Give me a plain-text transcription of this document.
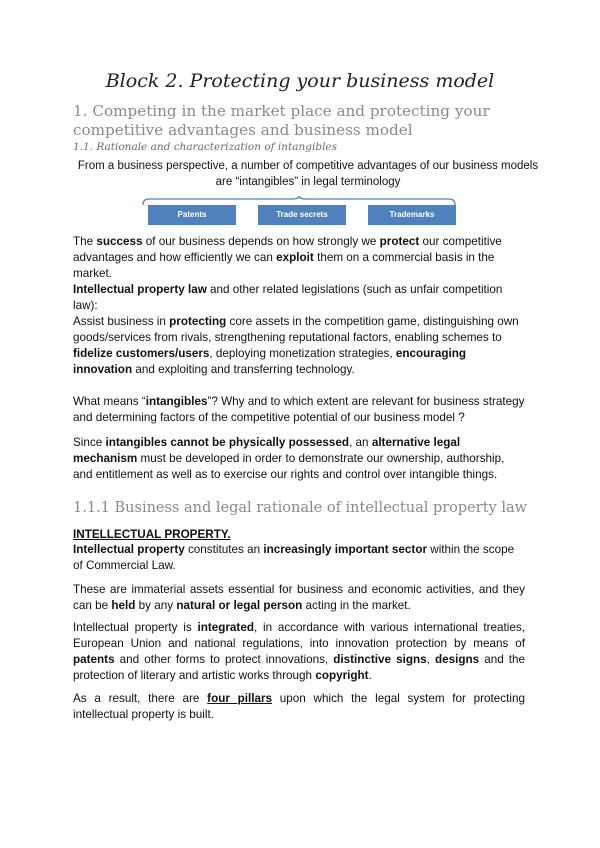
Block 2. Protecting your business model
1. Competing in the market place and protecting your competitive advantages and business model
1.1. Rationale and characterization of intangibles
From a business perspective, a number of competitive advantages of our business models are “intangibles” in legal terminology
Patents	Trade secrets	Trademarks

The success of our business depends on how strongly we protect our competitive advantages and how efficiently we can exploit them on a commercial basis in the market.

Intellectual property law and other related legislations (such as unfair competition law):

Assist business in protecting core assets in the competition game, distinguishing own goods/services from rivals, strengthening reputational factors, enabling schemes to fidelize customers/users, deploying monetization strategies, encouraging innovation and exploiting and transferring technology.

What means “intangibles”? Why and to which extent are relevant for business strategy and determining factors of the competitive potential of our business model ?

Since intangibles cannot be physically possessed, an alternative legal mechanism must be developed in order to demonstrate our ownership, authorship, and entitlement as well as to exercise our rights and control over intangible things.

1.1.1 Business and legal rationale of intellectual property law
INTELLECTUAL PROPERTY.

Intellectual property constitutes an increasingly important sector within the scope of Commercial Law.

These are immaterial assets essential for business and economic activities, and they can be held by any natural or legal person acting in the market.

Intellectual property is integrated, in accordance with various international treaties, European Union and national regulations, into innovation protection by means of patents and other forms to protect innovations, distinctive signs, designs and the protection of literary and artistic works through copyright.

As a result, there are four pillars upon which the legal system for protecting intellectual property is built.
